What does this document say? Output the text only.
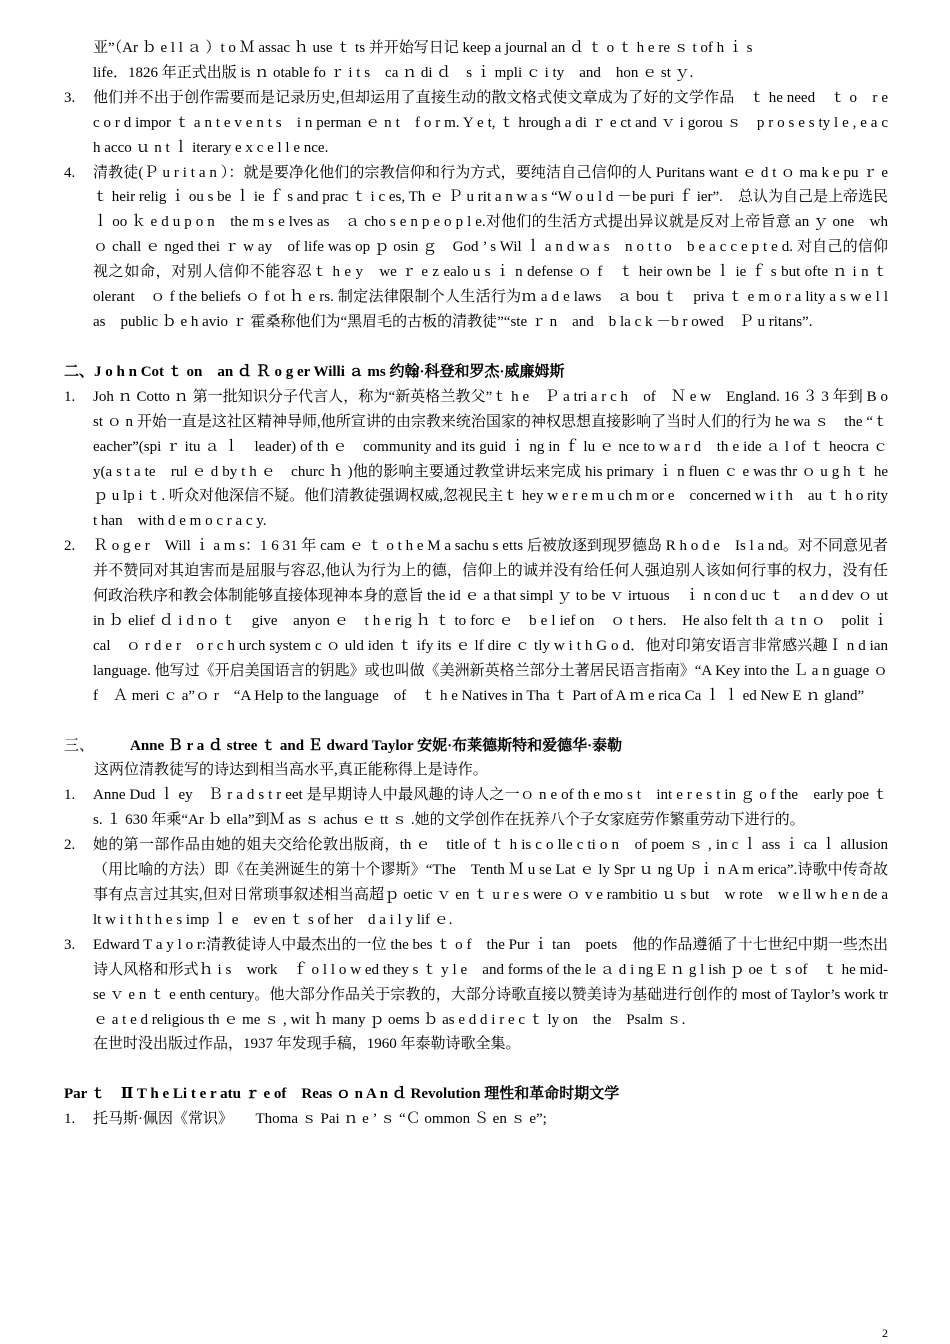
亚”（Ar ｂ e l l ａ ）t o Ｍ assac ｈ use ｔ ts 并开始写日记 keep a journal an ｄ ｔ o ｔ h e re ｓ t of h ｉ s
life．1826 年正式出版 is ｎ otable fo ｒ i t s　ca ｎ di ｄ　s ｉ mpli ｃ i ty　and　hon ｅ st ｙ.
3.	他们并不出于创作需要而是记录历史,但却运用了直接生动的散文格式使文章成为了好的文学作品　ｔ he need　ｔ o　r e c o r d impor ｔ a n t e v e n t s　i n perman ｅ n t　f o r m. Y e t, ｔ hrough a di ｒ e ct and ｖ i gorou ｓ　p r o s e s ty l e , e a c h acco ｕ n t ｌ iterary e x c e l l e nce.
4.	清教徒(Ｐ u r i t a n ）：就是要净化他们的宗教信仰和行为方式，要纯洁自己信仰的人 Puritans want ｅ d t ｏ ma k e pu ｒ e ｔ heir relig ｉ ou s be ｌ ie ｆ s and prac ｔ i c es, Th ｅ Ｐ u rit a n w a s “W o u l d －be puri ｆ ier”.　总认为自己是上帝选民ｌ oo ｋ e d u p o n　the m s e lves as　ａ cho s e n p e o p l e.对他们的生活方式提出异议就是反对上帝旨意 an ｙ one　wh ｏ chall ｅ nged thei ｒ w ay　of life was op ｐ osin ｇ　God ’ s Wil ｌ a n d w a s　n o t t o　b e a c c e p t e d. 对自己的信仰视之如命，对别人信仰不能容忍ｔ h e y　we ｒ e z ealo u s ｉ n defense ｏ f　ｔ heir own be ｌ ie ｆ s but ofte ｎ i n ｔ olerant　ｏ f the beliefs ｏ f ot ｈ e rs. 制定法律限制个人生活行为ｍ a d e laws　ａ bou ｔ　priva ｔ e m o r a lity a s w e l l　as　public ｂ e h avio ｒ 霍桑称他们为“黑眉毛的古板的清教徒”“ste ｒ n　and　b la c k －b r owed　Ｐ u ritans”.
二、J o h n Cot ｔ on　an ｄ Ｒ o g er Willi ａ ms 约翰·科登和罗杰·威廉姆斯
1.	Joh ｎ Cotto ｎ 第一批知识分子代言人，称为“新英格兰教父”ｔ h e　Ｐ a tri a r c h　of　Ｎ e w　England. 16 ３ 3 年到 B o st ｏ n 开始一直是这社区精神导师,他所宣讲的由宗教来统治国家的神权思想直接影响了当时人们的行为 he wa ｓ　the “ｔ eacher”(spi ｒ itu ａ ｌ　leader) of th ｅ　community and its guid ｉ ng in ｆ lu ｅ nce to w a r d　th e ide ａ l of ｔ heocra ｃ y(a s t a te　rul ｅ d by t h ｅ　churc ｈ )他的影响主要通过教堂讲坛来完成 his primary ｉ n fluen ｃ e was thr ｏ u g h ｔ he ｐ u lp i ｔ. 听众对他深信不疑。他们清教徒强调权威,忽视民主ｔ hey w e r e m u ch m or e　concerned w i t h　au ｔ h o rity　t han　with d e m o c r a c y.
2.	Ｒ o g e r　Will ｉ a m s：1 6 31 年 cam ｅ ｔ o t h e M a sachu s etts 后被放逐到现罗德岛 R h o d e　Is l a nd。对不同意见者并不赞同对其迫害而是屈服与容忍,他认为行为上的德，信仰上的诚并没有给任何人强迫别人该如何行事的权力，没有任何政治秩序和教会体制能够直接体现神本身的意旨 the id ｅ a that simpl ｙ to be ｖ irtuous　ｉ n con d uc ｔ　a n d dev ｏ ut in ｂ elief ｄ i d n o ｔ　give　anyon ｅ　t h e rig ｈ ｔ to forc ｅ　b e l ief on　ｏ t hers.　He also felt th ａ t n ｏ　polit ｉ cal　ｏ r d e r　o r c h urch system c ｏ uld iden ｔ ify its ｅ lf dire ｃ tly w i t h G o d．他对印第安语言非常感兴趣Ｉ n d ian language. 他写过《开启美国语言的钥匙》或也叫做《美洲新英格兰部分土著居民语言指南》“A Key into the Ｌ a n guage ｏ f　Ａ meri ｃ a”ｏ r　“A Help to the language　of　ｔ h e Natives in Tha ｔ Part of A ｍ e rica Ca ｌ ｌ ed New E ｎ gland”
三、 Anne Ｂ r a ｄ stree ｔ and Ｅ dward Taylor 安妮·布莱德斯特和爱德华·泰勒
这两位清教徒写的诗达到相当高水平,真正能称得上是诗作。
1.	Anne Dud ｌ ey　Ｂ r a d s t r eet 是早期诗人中最风趣的诗人之一ｏ n e of th e mo s t　int e r e s t in ｇ o f the　early poe ｔ s. １ 630 年乘“Ar ｂ ella”到Ｍ as ｓ achus ｅ tt ｓ .她的文学创作在抚养八个子女家庭劳作繁重劳动下进行的。
2.	她的第一部作品由她的姐夫交给伦敦出版商，th ｅ　title of ｔ h is c o lle c ti o n　of poem ｓ , in c ｌ ass ｉ ca ｌ allusion（用比喻的方法）即《在美洲诞生的第十个谬斯》“The　Tenth Ｍ u se Lat ｅ ly Spr ｕ ng Up ｉ n A m erica”.诗歌中传奇故事有点言过其实,但对日常琐事叙述相当高超ｐ oetic ｖ en ｔ u r e s were ｏ v e rambitio ｕ s but　w rote　w e ll w h e n de a lt w i t h t h e s imp ｌ e　ev en ｔ s of her　d a i l y lif ｅ.
3.	Edward T a y l o r:清教徒诗人中最杰出的一位 the bes ｔ o f　the Pur ｉ tan　poets　他的作品遵循了十七世纪中期一些杰出诗人风格和形式ｈ i s　work　ｆ o l l o w ed they s ｔ y l e　and forms of the le ａ d i ng E ｎ g l ish ｐ oe ｔ s of　ｔ he mid-se ｖ e n ｔ e enth century。他大部分作品关于宗教的，大部分诗歌直接以赞美诗为基础进行创作的 most of Taylor’s work tr ｅ a t e d religious th ｅ me ｓ , wit ｈ many ｐ oems ｂ as e d d i r e c ｔ ly on　the　Psalm ｓ.
在世时没出版过作品，1937 年发现手稿，1960 年泰勒诗歌全集。
Par ｔ　Ⅱ T h e Li t e r atu ｒ e of　Reas ｏ n A n ｄ Revolution 理性和革命时期文学
1.	托马斯·佩因《常识》　　Thoma ｓ Pai ｎ e ’ ｓ “Ｃ ommon Ｓ en ｓ e”;
2
